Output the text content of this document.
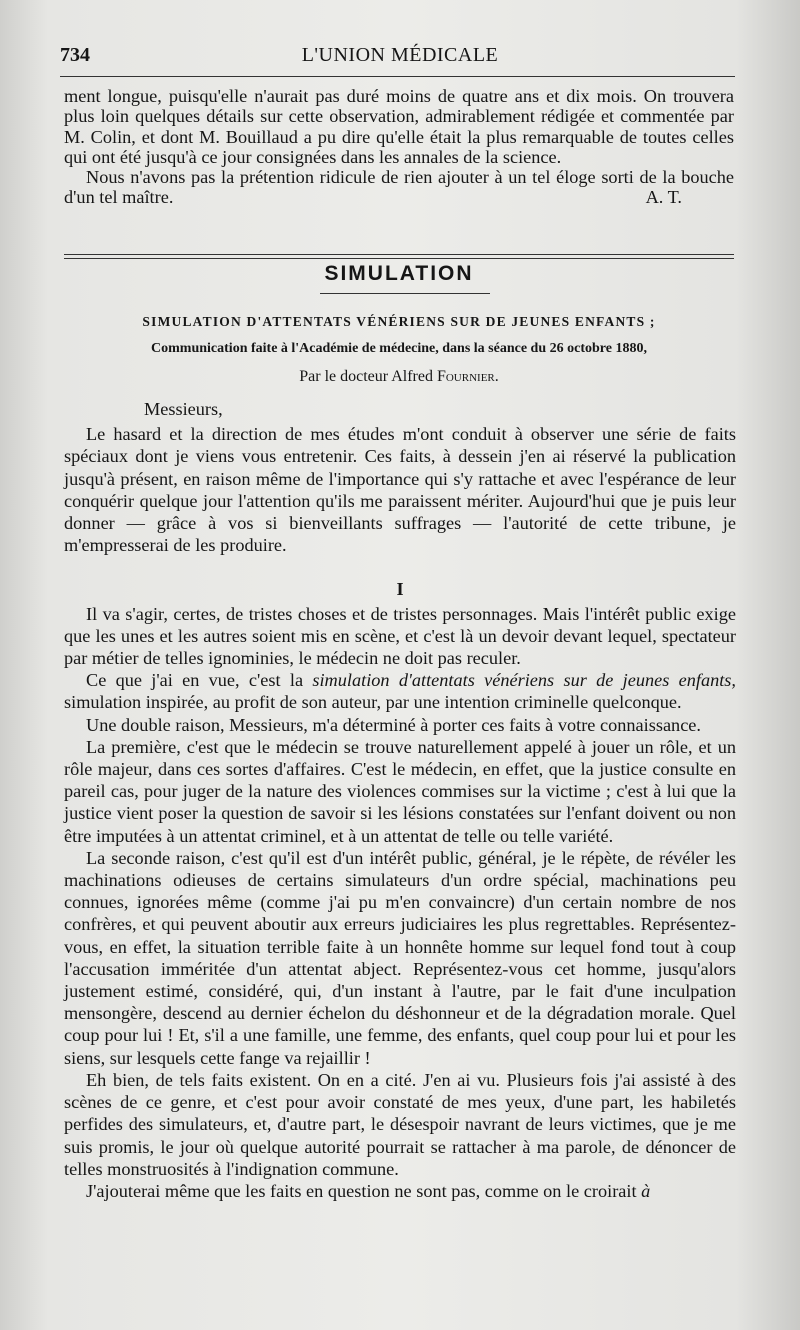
734	L'UNION MÉDICALE

ment longue, puisqu'elle n'aurait pas duré moins de quatre ans et dix mois. On trouvera plus loin quelques détails sur cette observation, admirablement rédigée et commentée par M. Colin, et dont M. Bouillaud a pu dire qu'elle était la plus remarquable de toutes celles qui ont été jusqu'à ce jour consignées dans les annales de la science.

Nous n'avons pas la prétention ridicule de rien ajouter à un tel éloge sorti de la bouche d'un tel maître.	A. T.

SIMULATION
SIMULATION D'ATTENTATS VÉNÉRIENS SUR DE JEUNES ENFANTS ;
Communication faite à l'Académie de médecine, dans la séance du 26 octobre 1880,
Par le docteur Alfred Fournier.

Messieurs,

Le hasard et la direction de mes études m'ont conduit à observer une série de faits spéciaux dont je viens vous entretenir. Ces faits, à dessein j'en ai réservé la publication jusqu'à présent, en raison même de l'importance qui s'y rattache et avec l'espérance de leur conquérir quelque jour l'attention qu'ils me paraissent mériter. Aujourd'hui que je puis leur donner — grâce à vos si bienveillants suffrages — l'autorité de cette tribune, je m'empresserai de les produire.

I

Il va s'agir, certes, de tristes choses et de tristes personnages. Mais l'intérêt public exige que les unes et les autres soient mis en scène, et c'est là un devoir devant lequel, spectateur par métier de telles ignominies, le médecin ne doit pas reculer.

Ce que j'ai en vue, c'est la simulation d'attentats vénériens sur de jeunes enfants, simulation inspirée, au profit de son auteur, par une intention criminelle quelconque.

Une double raison, Messieurs, m'a déterminé à porter ces faits à votre connaissance.

La première, c'est que le médecin se trouve naturellement appelé à jouer un rôle, et un rôle majeur, dans ces sortes d'affaires. C'est le médecin, en effet, que la justice consulte en pareil cas, pour juger de la nature des violences commises sur la victime ; c'est à lui que la justice vient poser la question de savoir si les lésions constatées sur l'enfant doivent ou non être imputées à un attentat criminel, et à un attentat de telle ou telle variété.

La seconde raison, c'est qu'il est d'un intérêt public, général, je le répète, de révéler les machinations odieuses de certains simulateurs d'un ordre spécial, machinations peu connues, ignorées même (comme j'ai pu m'en convaincre) d'un certain nombre de nos confrères, et qui peuvent aboutir aux erreurs judiciaires les plus regrettables. Représentez-vous, en effet, la situation terrible faite à un honnête homme sur lequel fond tout à coup l'accusation imméritée d'un attentat abject. Représentez-vous cet homme, jusqu'alors justement estimé, considéré, qui, d'un instant à l'autre, par le fait d'une inculpation mensongère, descend au dernier échelon du déshonneur et de la dégradation morale. Quel coup pour lui ! Et, s'il a une famille, une femme, des enfants, quel coup pour lui et pour les siens, sur lesquels cette fange va rejaillir !

Eh bien, de tels faits existent. On en a cité. J'en ai vu. Plusieurs fois j'ai assisté à des scènes de ce genre, et c'est pour avoir constaté de mes yeux, d'une part, les habiletés perfides des simulateurs, et, d'autre part, le désespoir navrant de leurs victimes, que je me suis promis, le jour où quelque autorité pourrait se rattacher à ma parole, de dénoncer de telles monstruosités à l'indignation commune.

J'ajouterai même que les faits en question ne sont pas, comme on le croirait à
